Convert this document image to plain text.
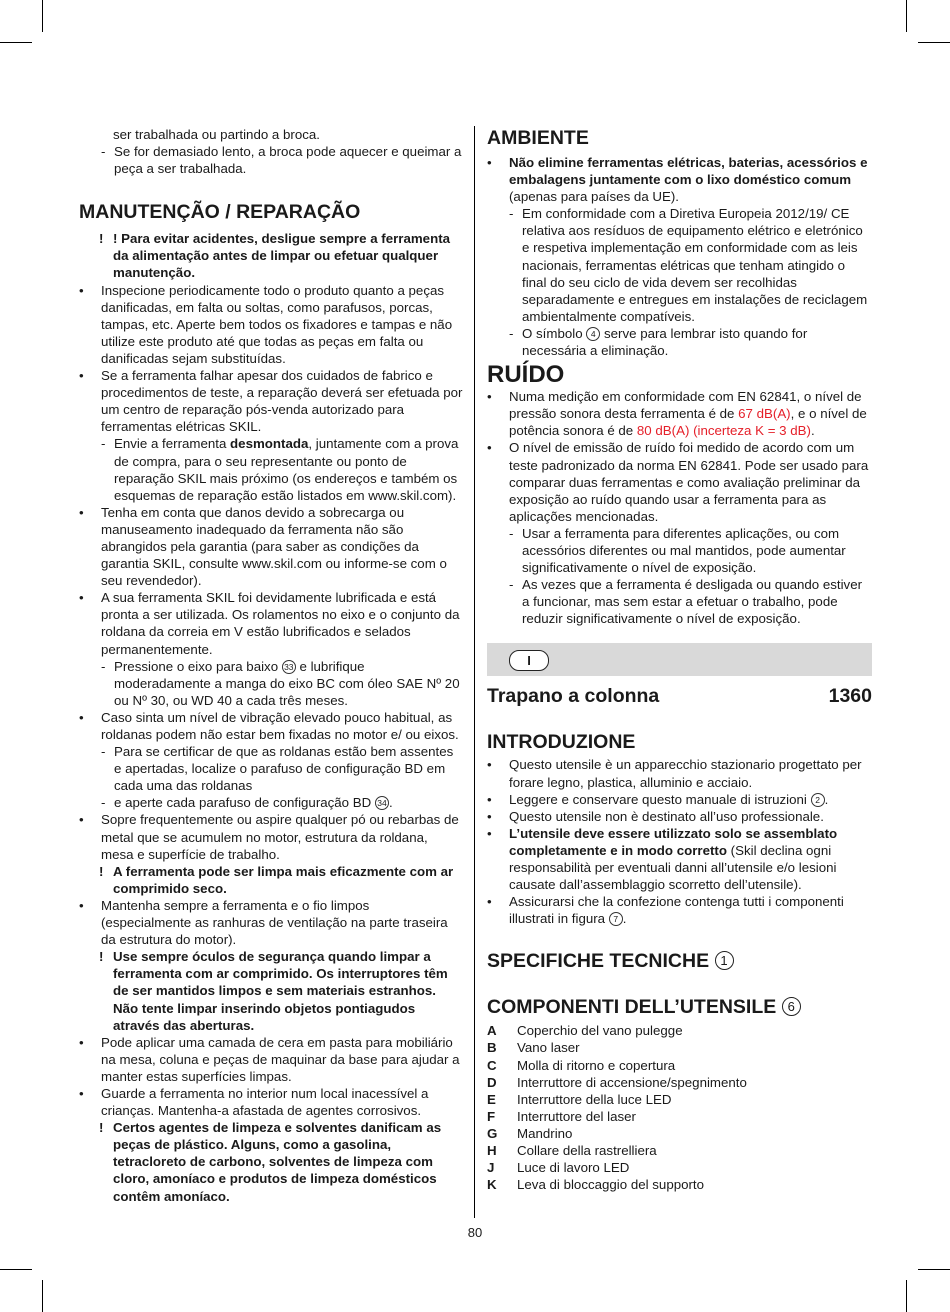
ser trabalhada ou partindo a broca.
- Se for demasiado lento, a broca pode aquecer e queimar a peça a ser trabalhada.
MANUTENÇÃO / REPARAÇÃO
! ! Para evitar acidentes, desligue sempre a ferramenta da alimentação antes de limpar ou efetuar qualquer manutenção.
• Inspecione periodicamente todo o produto quanto a peças danificadas, em falta ou soltas, como parafusos, porcas, tampas, etc. Aperte bem todos os fixadores e tampas e não utilize este produto até que todas as peças em falta ou danificadas sejam substituídas.
• Se a ferramenta falhar apesar dos cuidados de fabrico e procedimentos de teste, a reparação deverá ser efetuada por um centro de reparação pós-venda autorizado para ferramentas elétricas SKIL.
- Envie a ferramenta desmontada, juntamente com a prova de compra, para o seu representante ou ponto de reparação SKIL mais próximo (os endereços e também os esquemas de reparação estão listados em www.skil.com).
• Tenha em conta que danos devido a sobrecarga ou manuseamento inadequado da ferramenta não são abrangidos pela garantia (para saber as condições da garantia SKIL, consulte www.skil.com ou informe-se com o seu revendedor).
• A sua ferramenta SKIL foi devidamente lubrificada e está pronta a ser utilizada. Os rolamentos no eixo e o conjunto da roldana da correia em V estão lubrificados e selados permanentemente.
- Pressione o eixo para baixo 33 e lubrifique moderadamente a manga do eixo BC com óleo SAE Nº 20 ou Nº 30, ou WD 40 a cada três meses.
• Caso sinta um nível de vibração elevado pouco habitual, as roldanas podem não estar bem fixadas no motor e/ ou eixos.
- Para se certificar de que as roldanas estão bem assentes e apertadas, localize o parafuso de configuração BD em cada uma das roldanas
- e aperte cada parafuso de configuração BD 34 .
• Sopre frequentemente ou aspire qualquer pó ou rebarbas de metal que se acumulem no motor, estrutura da roldana, mesa e superfície de trabalho.
! A ferramenta pode ser limpa mais eficazmente com ar comprimido seco.
• Mantenha sempre a ferramenta e o fio limpos (especialmente as ranhuras de ventilação na parte traseira da estrutura do motor).
! Use sempre óculos de segurança quando limpar a ferramenta com ar comprimido. Os interruptores têm de ser mantidos limpos e sem materiais estranhos. Não tente limpar inserindo objetos pontiagudos através das aberturas.
• Pode aplicar uma camada de cera em pasta para mobiliário na mesa, coluna e peças de maquinar da base para ajudar a manter estas superfícies limpas.
• Guarde a ferramenta no interior num local inacessível a crianças. Mantenha-a afastada de agentes corrosivos.
! Certos agentes de limpeza e solventes danificam as peças de plástico. Alguns, como a gasolina, tetracloreto de carbono, solventes de limpeza com cloro, amoníaco e produtos de limpeza domésticos contêm amoníaco.
AMBIENTE
• Não elimine ferramentas elétricas, baterias, acessórios e embalagens juntamente com o lixo doméstico comum (apenas para países da UE).
- Em conformidade com a Diretiva Europeia 2012/19/ CE relativa aos resíduos de equipamento elétrico e eletrónico e respetiva implementação em conformidade com as leis nacionais, ferramentas elétricas que tenham atingido o final do seu ciclo de vida devem ser recolhidas separadamente e entregues em instalações de reciclagem ambientalmente compatíveis.
- O símbolo 4 serve para lembrar isto quando for necessária a eliminação.
RUÍDO
• Numa medição em conformidade com EN 62841, o nível de pressão sonora desta ferramenta é de 67 dB(A), e o nível de potência sonora é de 80 dB(A) (incerteza K = 3 dB).
• O nível de emissão de ruído foi medido de acordo com um teste padronizado da norma EN 62841. Pode ser usado para comparar duas ferramentas e como avaliação preliminar da exposição ao ruído quando usar a ferramenta para as aplicações mencionadas.
- Usar a ferramenta para diferentes aplicações, ou com acessórios diferentes ou mal mantidos, pode aumentar significativamente o nível de exposição.
- As vezes que a ferramenta é desligada ou quando estiver a funcionar, mas sem estar a efetuar o trabalho, pode reduzir significativamente o nível de exposição.
I
Trapano a colonna	1360
INTRODUZIONE
• Questo utensile è un apparecchio stazionario progettato per forare legno, plastica, alluminio e acciaio.
• Leggere e conservare questo manuale di istruzioni 2 .
• Questo utensile non è destinato all’uso professionale.
• L’utensile deve essere utilizzato solo se assemblato completamente e in modo corretto (Skil declina ogni responsabilità per eventuali danni all’utensile e/o lesioni causate dall’assemblaggio scorretto dell’utensile).
• Assicurarsi che la confezione contenga tutti i componenti illustrati in figura 7 .
SPECIFICHE TECNICHE 1
COMPONENTI DELL’UTENSILE 6
A Coperchio del vano pulegge
B Vano laser
C Molla di ritorno e copertura
D Interruttore di accensione/spegnimento
E Interruttore della luce LED
F Interruttore del laser
G Mandrino
H Collare della rastrelliera
J Luce di lavoro LED
K Leva di bloccaggio del supporto
80
